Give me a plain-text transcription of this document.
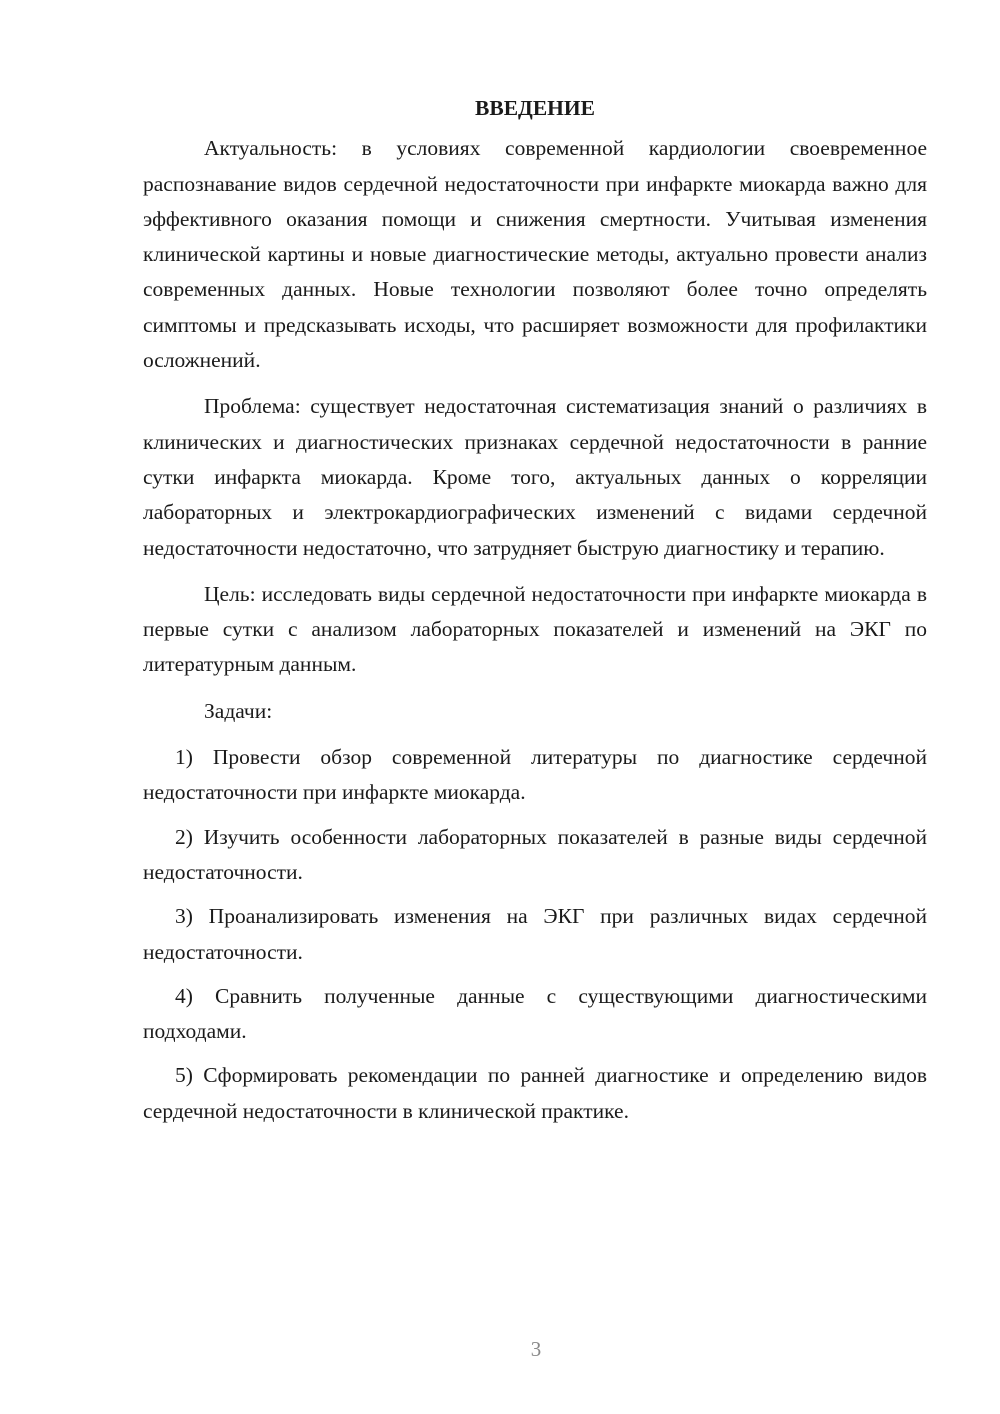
ВВЕДЕНИЕ

Актуальность: в условиях современной кардиологии своевременное распознавание видов сердечной недостаточности при инфаркте миокарда важно для эффективного оказания помощи и снижения смертности. Учитывая изменения клинической картины и новые диагностические методы, актуально провести анализ современных данных. Новые технологии позволяют более точно определять симптомы и предсказывать исходы, что расширяет возможности для профилактики осложнений.

Проблема: существует недостаточная систематизация знаний о различиях в клинических и диагностических признаках сердечной недостаточности в ранние сутки инфаркта миокарда. Кроме того, актуальных данных о корреляции лабораторных и электрокардиографических изменений с видами сердечной недостаточности недостаточно, что затрудняет быструю диагностику и терапию.

Цель: исследовать виды сердечной недостаточности при инфаркте миокарда в первые сутки с анализом лабораторных показателей и изменений на ЭКГ по литературным данным.

Задачи:

1) Провести обзор современной литературы по диагностике сердечной недостаточности при инфаркте миокарда.

2) Изучить особенности лабораторных показателей в разные виды сердечной недостаточности.

3) Проанализировать изменения на ЭКГ при различных видах сердечной недостаточности.

4) Сравнить полученные данные с существующими диагностическими подходами.

5) Сформировать рекомендации по ранней диагностике и определению видов сердечной недостаточности в клинической практике.

3
